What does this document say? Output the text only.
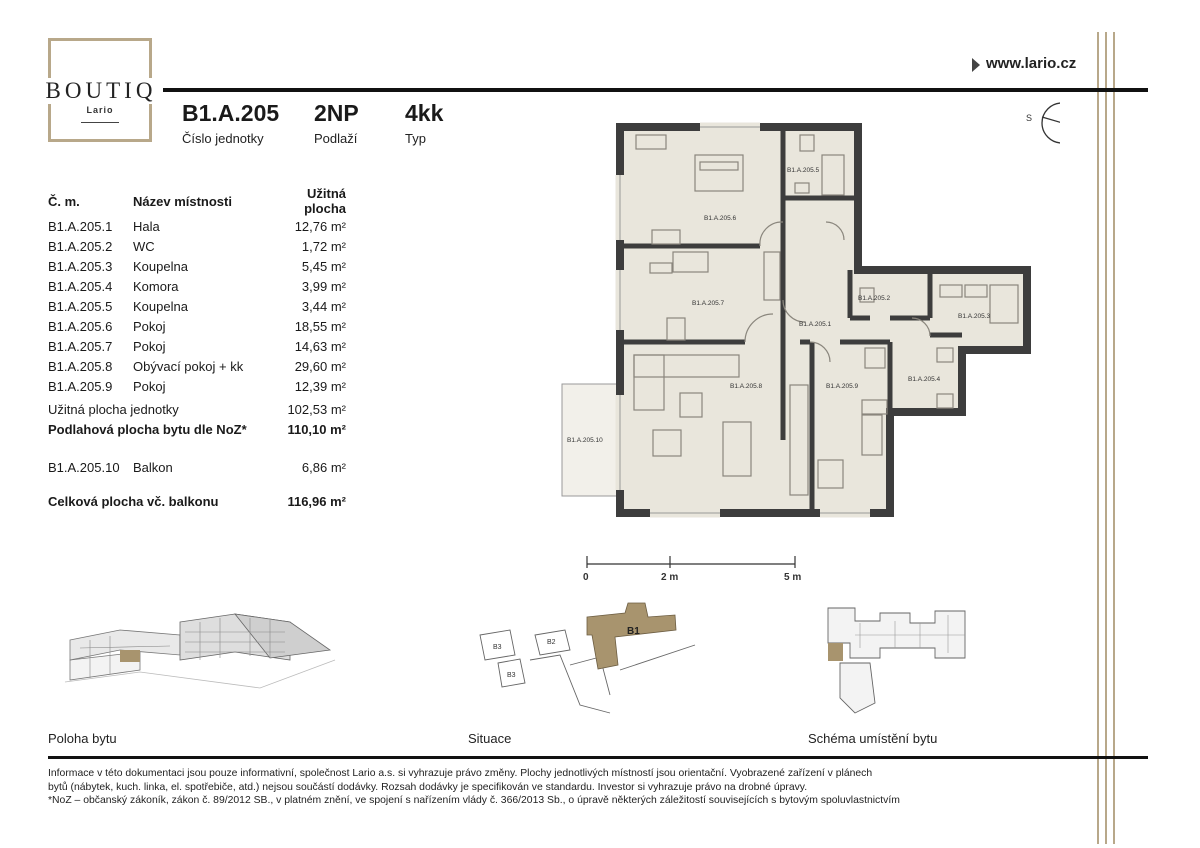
BOUTIQ
Lario
www.lario.cz
B1.A.205
Číslo jednotky
2NP
Podlaží
4kk
Typ
Č. m.	Název místnosti	Užitná plocha
B1.A.205.1	Hala	12,76 m²
B1.A.205.2	WC	1,72 m²
B1.A.205.3	Koupelna	5,45 m²
B1.A.205.4	Komora	3,99 m²
B1.A.205.5	Koupelna	3,44 m²
B1.A.205.6	Pokoj	18,55 m²
B1.A.205.7	Pokoj	14,63 m²
B1.A.205.8	Obývací pokoj + kk	29,60 m²
B1.A.205.9	Pokoj	12,39 m²
Užitná plocha jednotky	102,53 m²
Podlahová plocha bytu dle NoZ*	110,10 m²
B1.A.205.10	Balkon	6,86 m²
Celková plocha vč. balkonu	116,96 m²
B1.A.205.1
B1.A.205.2
B1.A.205.3
B1.A.205.4
B1.A.205.5
B1.A.205.6
B1.A.205.7
B1.A.205.8	B1.A.205.9
B1.A.205.10
S
0	2 m	5 m
B1
B2
B3
B3
Poloha bytu	Situace	Schéma umístění bytu
Informace v této dokumentaci jsou pouze informativní, společnost Lario a.s. si vyhrazuje právo změny. Plochy jednotlivých místností jsou orientační. Vyobrazené zařízení v plánech
bytů (nábytek, kuch. linka, el. spotřebiče, atd.) nejsou součástí dodávky. Rozsah dodávky je specifikován ve standardu. Investor si vyhrazuje právo na drobné úpravy.
*NoZ – občanský zákoník, zákon č. 89/2012 SB., v platném znění, ve spojení s nařízením vlády č. 366/2013 Sb., o úpravě některých záležitostí souvisejících s bytovým spoluvlastnictvím
